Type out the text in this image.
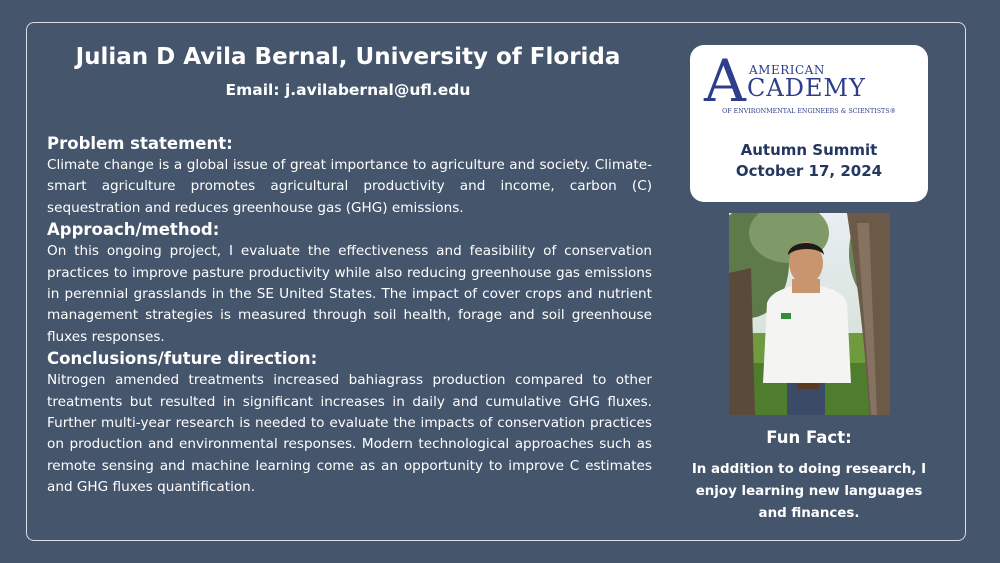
Julian D Avila Bernal, University of Florida
Email: j.avilabernal@ufl.edu
Problem statement:

Climate change is a global issue of great importance to agriculture and society. Climate-smart agriculture promotes agricultural productivity and income, carbon (C) sequestration and reduces greenhouse gas (GHG) emissions.

Approach/method:

On this ongoing project, I evaluate the effectiveness and feasibility of conservation practices to improve pasture productivity while also reducing greenhouse gas emissions in perennial grasslands in the SE United States. The impact of cover crops and nutrient management strategies is measured through soil health, forage and soil greenhouse fluxes responses.

Conclusions/future direction:

Nitrogen amended treatments increased bahiagrass production compared to other treatments but resulted in significant increases in daily and cumulative GHG fluxes. Further multi-year research is needed to evaluate the impacts of conservation practices on production and environmental responses. Modern technological approaches such as remote sensing and machine learning come as an opportunity to improve C estimates and GHG fluxes quantification.

A AMERICAN
CADEMY
OF ENVIRONMENTAL ENGINEERS & SCIENTISTS®
Autumn Summit
October 17, 2024
Fun Fact:
In addition to doing research, I enjoy learning new languages and finances.
